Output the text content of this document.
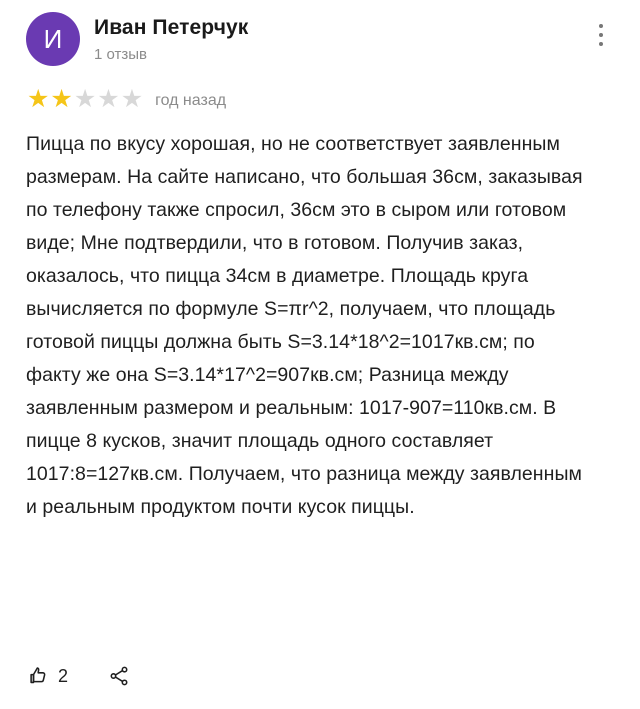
И	Иван Петерчук
1 отзыв
★ ★ ★ ★ ★ год назад
Пицца по вкусу хорошая, но не соответствует заявленным размерам. На сайте написано, что большая 36см, заказывая по телефону также спросил, 36см это в сыром или готовом виде; Мне подтвердили, что в готовом. Получив заказ, оказалось, что пицца 34см в диаметре. Площадь круга вычисляется по формуле S=πr^2, получаем, что площадь готовой пиццы должна быть S=3.14*18^2=1017кв.см; по факту же она S=3.14*17^2=907кв.см; Разница между заявленным размером и реальным: 1017-907=110кв.см. В пицце 8 кусков, значит площадь одного составляет 1017:8=127кв.см. Получаем, что разница между заявленным и реальным продуктом почти кусок пиццы.
2
